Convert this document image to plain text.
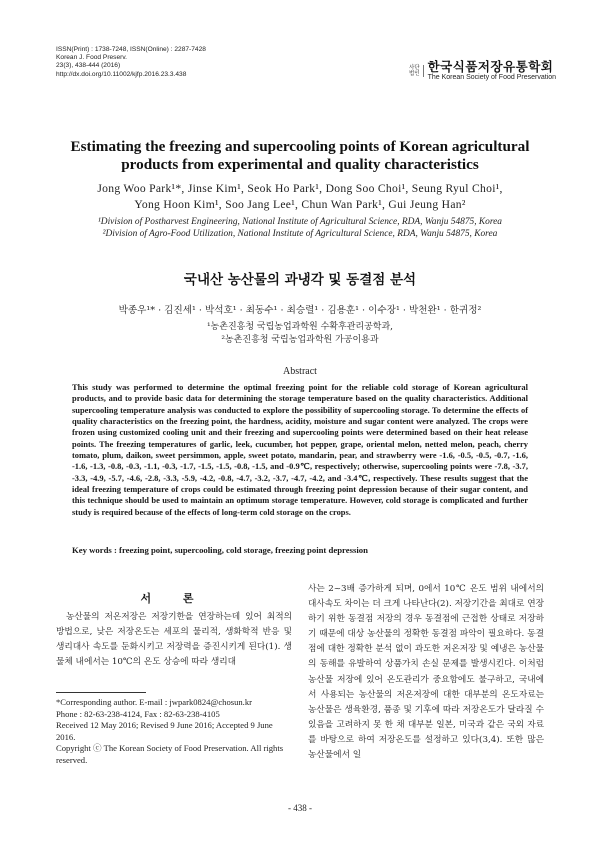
ISSN(Print) : 1738-7248, ISSN(Online) : 2287-7428
Korean J. Food Preserv.
23(3), 438-444 (2016)
http://dx.doi.org/10.11002/kjfp.2016.23.3.438
사단
법인 한국식품저장유통학회
The Korean Society of Food Preservation
Estimating the freezing and supercooling points of Korean agricultural
products from experimental and quality characteristics
Jong Woo Park¹*, Jinse Kim¹, Seok Ho Park¹, Dong Soo Choi¹, Seung Ryul Choi¹,
Yong Hoon Kim¹, Soo Jang Lee¹, Chun Wan Park¹, Gui Jeung Han²
¹Division of Postharvest Engineering, National Institute of Agricultural Science, RDA, Wanju 54875, Korea
²Division of Agro-Food Utilization, National Institute of Agricultural Science, RDA, Wanju 54875, Korea
국내산 농산물의 과냉각 및 동결점 분석
박종우¹* · 김진세¹ · 박석호¹ · 최동수¹ · 최승렬¹ · 김용훈¹ · 이수장¹ · 박천완¹ · 한귀정²
¹농촌진흥청 국립농업과학원 수확후관리공학과,
²농촌진흥청 국립농업과학원 가공이용과
Abstract
This study was performed to determine the optimal freezing point for the reliable cold storage of Korean agricultural products, and to provide basic data for determining the storage temperature based on the quality characteristics. Additional supercooling temperature analysis was conducted to explore the possibility of supercooling storage. To determine the effects of quality characteristics on the freezing point, the hardness, acidity, moisture and sugar content were analyzed. The crops were frozen using customized cooling unit and their freezing and supercooling points were determined based on their heat release points. The freezing temperatures of garlic, leek, cucumber, hot pepper, grape, oriental melon, netted melon, peach, cherry tomato, plum, daikon, sweet persimmon, apple, sweet potato, mandarin, pear, and strawberry were -1.6, -0.5, -0.5, -0.7, -1.6, -1.6, -1.3, -0.8, -0.3, -1.1, -0.3, -1.7, -1.5, -1.5, -0.8, -1.5, and -0.9℃, respectively; otherwise, supercooling points were -7.8, -3.7, -3.3, -4.9, -5.7, -4.6, -2.8, -3.3, -5.9, -4.2, -0.8, -4.7, -3.2, -3.7, -4.7, -4.2, and -3.4℃, respectively. These results suggest that the ideal freezing temperature of crops could be estimated through freezing point depression because of their sugar content, and this technique should be used to maintain an optimum storage temperature. However, cold storage is complicated and further study is required because of the effects of long-term cold storage on the crops.
Key words : freezing point, supercooling, cold storage, freezing point depression
서 론
농산물의 저온저장은 저장기한을 연장하는데 있어 최적의 방법으로, 낮은 저장온도는 세포의 물리적, 생화학적 반응 및 생리대사 속도를 둔화시키고 저장력을 증진시키게 된다(1). 생물체 내에서는 10℃의 온도 상승에 따라 생리대
사는 2~3배 증가하게 되며, 0에서 10℃ 온도 범위 내에서의 대사속도 차이는 더 크게 나타난다(2). 저장기간을 최대로 연장하기 위한 동결점 저장의 경우 동결점에 근접한 상태로 저장하기 때문에 대상 농산물의 정확한 동결점 파악이 필요하다. 동결점에 대한 정확한 분석 없이 과도한 저온저장 및 예냉은 농산물의 동해를 유발하여 상품가치 손실 문제를 발생시킨다. 이처럼 농산물 저장에 있어 온도관리가 중요함에도 불구하고, 국내에서 사용되는 농산물의 저온저장에 대한 대부분의 온도자료는 농산물은 생육환경, 품종 및 기후에 따라 저장온도가 달라질 수 있음을 고려하지 못 한 채 대부분 일본, 미국과 같은 국외 자료를 바탕으로 하여 저장온도를 설정하고 있다(3,4). 또한 많은 농산물에서 일
*Corresponding author. E-mail : jwpark0824@chosun.kr
Phone : 82-63-238-4124, Fax : 82-63-238-4105
Received 12 May 2016; Revised 9 June 2016; Accepted 9 June 2016.
Copyright ⓒ The Korean Society of Food Preservation. All rights reserved.
- 438 -
